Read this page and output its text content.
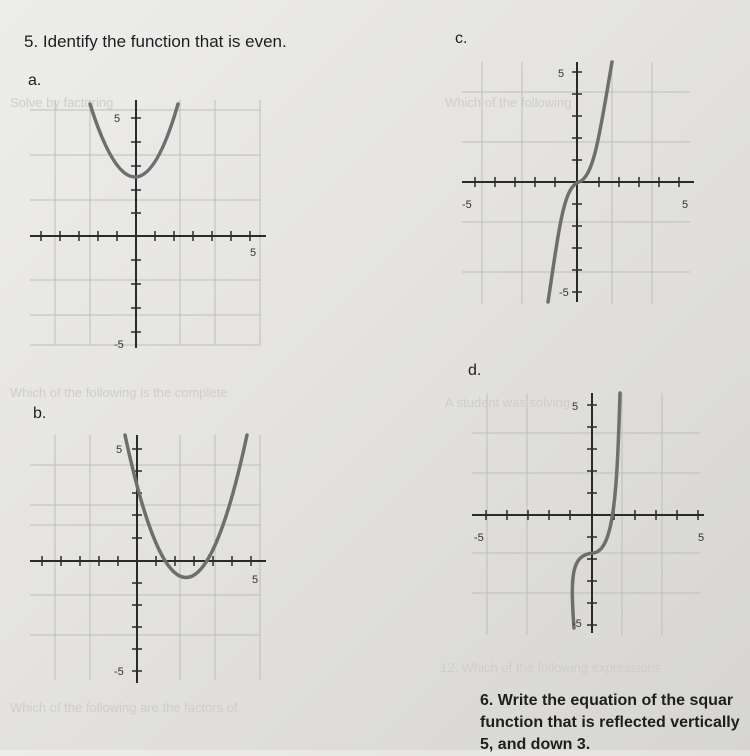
Solve by factoring	Which of the following
Which of the following is the complete
A student was solving
12. Which of the following expressions
Which of the following are the factors of
5. Identify the function that is even.
a.
b.
c.
d.
5
5
-5
5
5
-5
5
-5	5
-5
5
-5	5
-5
6. Write the equation of the squar
function that is reflected vertically
5, and down 3.
